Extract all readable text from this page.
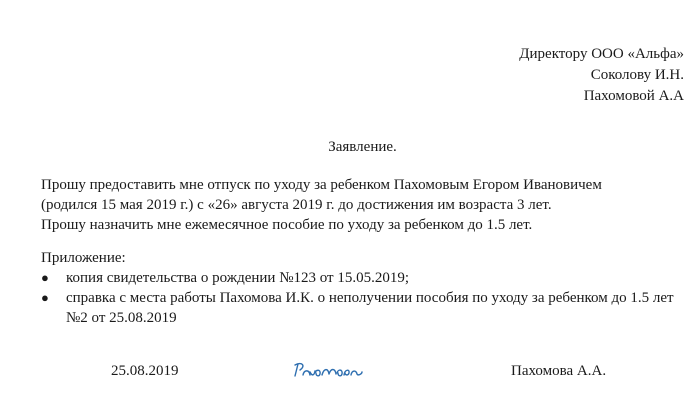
Директору ООО «Альфа»
Соколову И.Н.
Пахомовой А.А
Заявление.
Прошу предоставить мне отпуск по уходу за ребенком Пахомовым Егором Ивановичем
(родился 15 мая 2019 г.) с «26» августа 2019 г. до достижения им возраста 3 лет.
Прошу назначить мне ежемесячное пособие по уходу за ребенком до 1.5 лет.
Приложение:
● копия свидетельства о рождении №123 от 15.05.2019;
● справка с места работы Пахомова И.К. о неполучении пособия по уходу за ребенком до 1.5 лет №2 от 25.08.2019
25.08.2019	Пахомова А.А.
